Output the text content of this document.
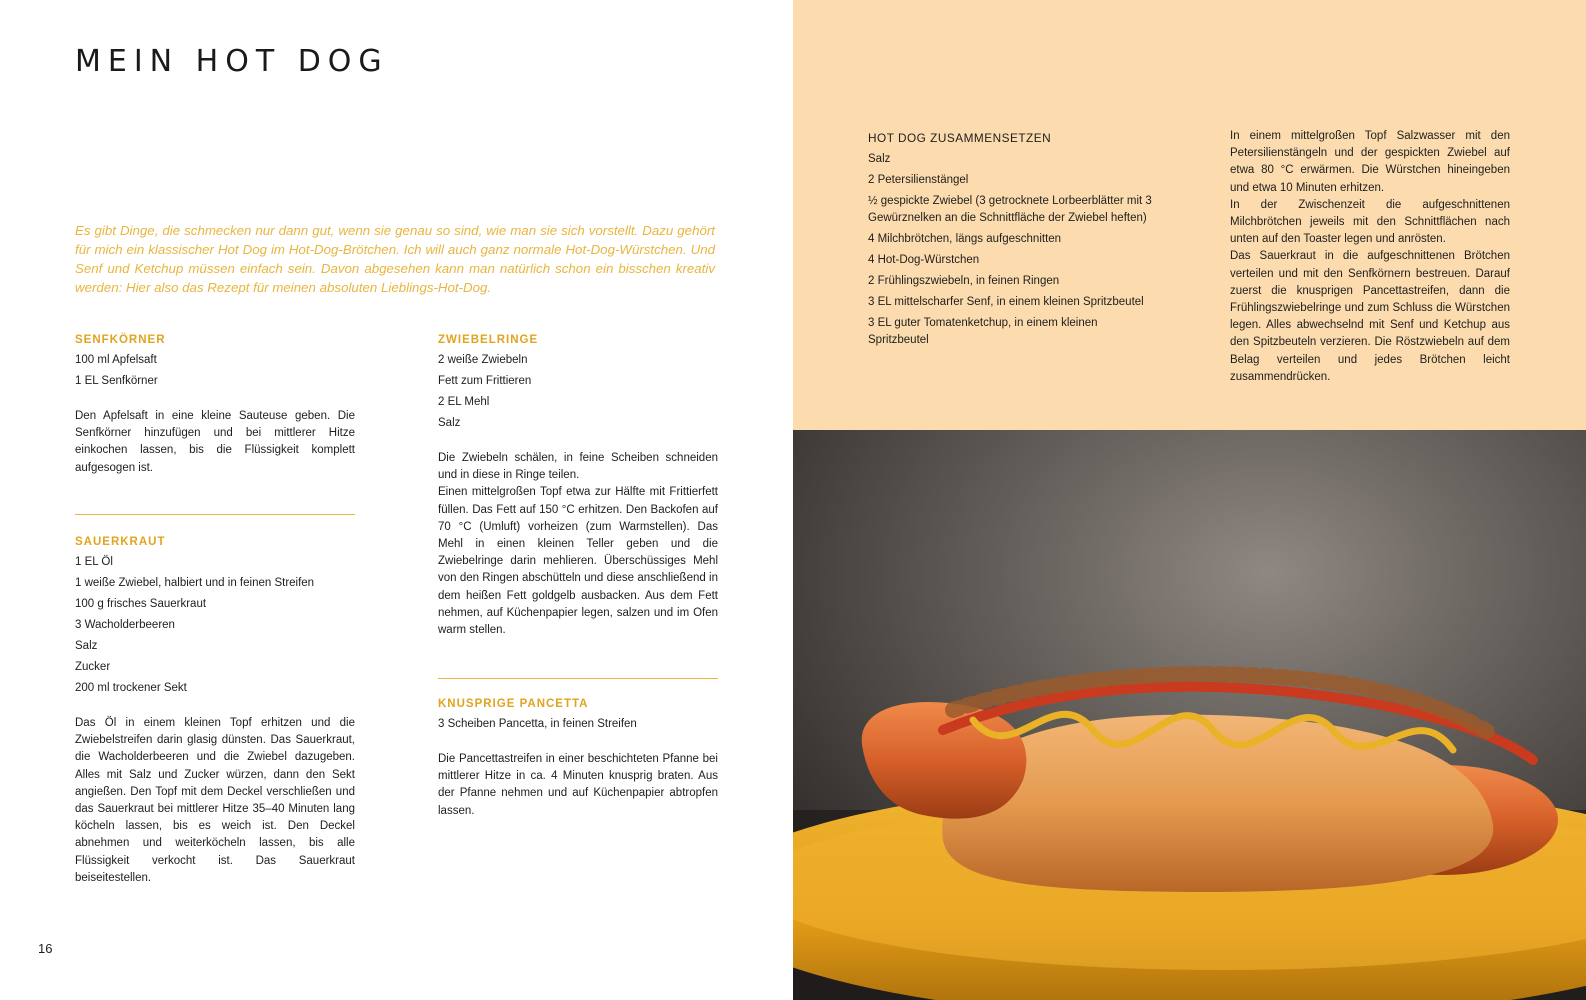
MEIN HOT DOG

Es gibt Dinge, die schmecken nur dann gut, wenn sie genau so sind, wie man sie sich vorstellt. Dazu gehört für mich ein klassischer Hot Dog im Hot-Dog-Brötchen. Ich will auch ganz normale Hot-Dog-Würstchen. Und Senf und Ketchup müssen einfach sein. Davon abgesehen kann man natürlich schon ein bisschen kreativ werden: Hier also das Rezept für meinen absoluten Lieblings-Hot-Dog.

SENFKÖRNER
100 ml Apfelsaft
1 EL Senfkörner
Den Apfelsaft in eine kleine Sauteuse geben. Die Senfkörner hinzufügen und bei mittlerer Hitze einkochen lassen, bis die Flüssigkeit komplett aufgesogen ist.
SAUERKRAUT
1 EL Öl
1 weiße Zwiebel, halbiert und in feinen Streifen
100 g frisches Sauerkraut
3 Wacholderbeeren
Salz
Zucker
200 ml trockener Sekt
Das Öl in einem kleinen Topf erhitzen und die Zwiebelstreifen darin glasig dünsten. Das Sauerkraut, die Wacholderbeeren und die Zwiebel dazugeben. Alles mit Salz und Zucker würzen, dann den Sekt angießen. Den Topf mit dem Deckel verschließen und das Sauerkraut bei mittlerer Hitze 35–40 Minuten lang köcheln lassen, bis es weich ist. Den Deckel abnehmen und weiterköcheln lassen, bis alle Flüssigkeit verkocht ist. Das Sauerkraut beiseitestellen.
ZWIEBELRINGE
2 weiße Zwiebeln
Fett zum Frittieren
2 EL Mehl
Salz

Die Zwiebeln schälen, in feine Scheiben schneiden und in diese in Ringe teilen.

Einen mittelgroßen Topf etwa zur Hälfte mit Frittierfett füllen. Das Fett auf 150 °C erhitzen. Den Backofen auf 70 °C (Umluft) vorheizen (zum Warmstellen). Das Mehl in einen kleinen Teller geben und die Zwiebelringe darin mehlieren. Überschüssiges Mehl von den Ringen abschütteln und diese anschließend in dem heißen Fett goldgelb ausbacken. Aus dem Fett nehmen, auf Küchenpapier legen, salzen und im Ofen warm stellen.

KNUSPRIGE PANCETTA
3 Scheiben Pancetta, in feinen Streifen
Die Pancettastreifen in einer beschichteten Pfanne bei mittlerer Hitze in ca. 4 Minuten knusprig braten. Aus der Pfanne nehmen und auf Küchenpapier abtropfen lassen.
16
HOT DOG ZUSAMMENSETZEN
Salz
2 Petersilienstängel
½ gespickte Zwiebel (3 getrocknete Lorbeerblätter mit 3 Gewürznelken an die Schnittfläche der Zwiebel heften)
4 Milchbrötchen, längs aufgeschnitten
4 Hot-Dog-Würstchen
2 Frühlingszwiebeln, in feinen Ringen
3 EL mittelscharfer Senf, in einem kleinen Spritzbeutel
3 EL guter Tomatenketchup, in einem kleinen Spritzbeutel

In einem mittelgroßen Topf Salzwasser mit den Petersilienstängeln und der gespickten Zwiebel auf etwa 80 °C erwärmen. Die Würstchen hineingeben und etwa 10 Minuten erhitzen.

In der Zwischenzeit die aufgeschnittenen Milchbrötchen jeweils mit den Schnittflächen nach unten auf den Toaster legen und anrösten.

Das Sauerkraut in die aufgeschnittenen Brötchen verteilen und mit den Senfkörnern bestreuen. Darauf zuerst die knusprigen Pancettastreifen, dann die Frühlingszwiebelringe und zum Schluss die Würstchen legen. Alles abwechselnd mit Senf und Ketchup aus den Spitzbeuteln verzieren. Die Röstzwiebeln auf dem Belag verteilen und jedes Brötchen leicht zusammendrücken.
